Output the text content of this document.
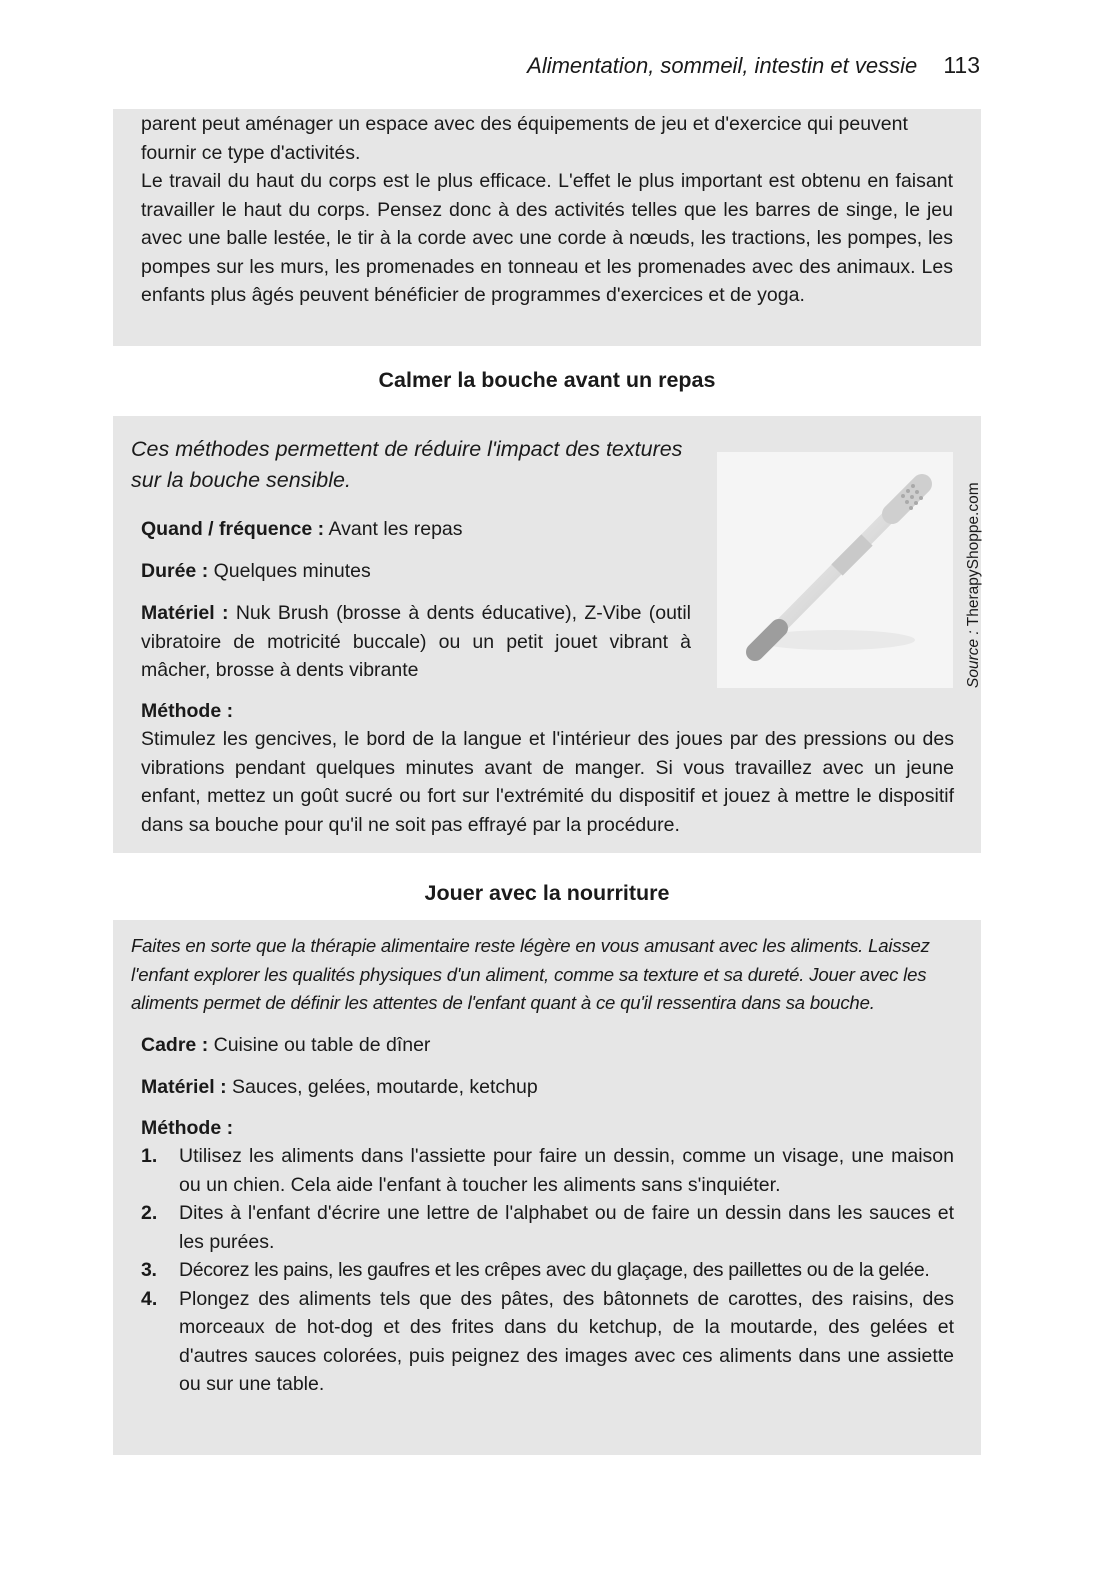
Alimentation, sommeil, intestin et vessie 113

parent peut aménager un espace avec des équipements de jeu et d'exercice qui peuvent fournir ce type d'activités.

Le travail du haut du corps est le plus efficace. L'effet le plus important est obtenu en faisant travailler le haut du corps. Pensez donc à des activités telles que les barres de singe, le jeu avec une balle lestée, le tir à la corde avec une corde à nœuds, les tractions, les pompes, les pompes sur les murs, les promenades en tonneau et les promenades avec des animaux. Les enfants plus âgés peuvent bénéficier de programmes d'exercices et de yoga.

Calmer la bouche avant un repas

Ces méthodes permettent de réduire l'impact des textures sur la bouche sensible.

Quand / fréquence : Avant les repas

Durée : Quelques minutes

Matériel : Nuk Brush (brosse à dents éducative), Z-Vibe (outil vibratoire de motricité buccale) ou un petit jouet vibrant à mâcher, brosse à dents vibrante

Méthode :

Stimulez les gencives, le bord de la langue et l'intérieur des joues par des pressions ou des vibrations pendant quelques minutes avant de manger. Si vous travaillez avec un jeune enfant, mettez un goût sucré ou fort sur l'extrémité du dispositif et jouez à mettre le dispositif dans sa bouche pour qu'il ne soit pas effrayé par la procédure.

Source : TherapyShoppe.com
Jouer avec la nourriture

Faites en sorte que la thérapie alimentaire reste légère en vous amusant avec les aliments. Laissez l'enfant explorer les qualités physiques d'un aliment, comme sa texture et sa dureté. Jouer avec les aliments permet de définir les attentes de l'enfant quant à ce qu'il ressentira dans sa bouche.

Cadre : Cuisine ou table de dîner

Matériel : Sauces, gelées, moutarde, ketchup

Méthode :

1. Utilisez les aliments dans l'assiette pour faire un dessin, comme un visage, une maison ou un chien. Cela aide l'enfant à toucher les aliments sans s'inquiéter.
2. Dites à l'enfant d'écrire une lettre de l'alphabet ou de faire un dessin dans les sauces et les purées.
3. Décorez les pains, les gaufres et les crêpes avec du glaçage, des paillettes ou de la gelée.
4. Plongez des aliments tels que des pâtes, des bâtonnets de carottes, des raisins, des morceaux de hot-dog et des frites dans du ketchup, de la moutarde, des gelées et d'autres sauces colorées, puis peignez des images avec ces aliments dans une assiette ou sur une table.
